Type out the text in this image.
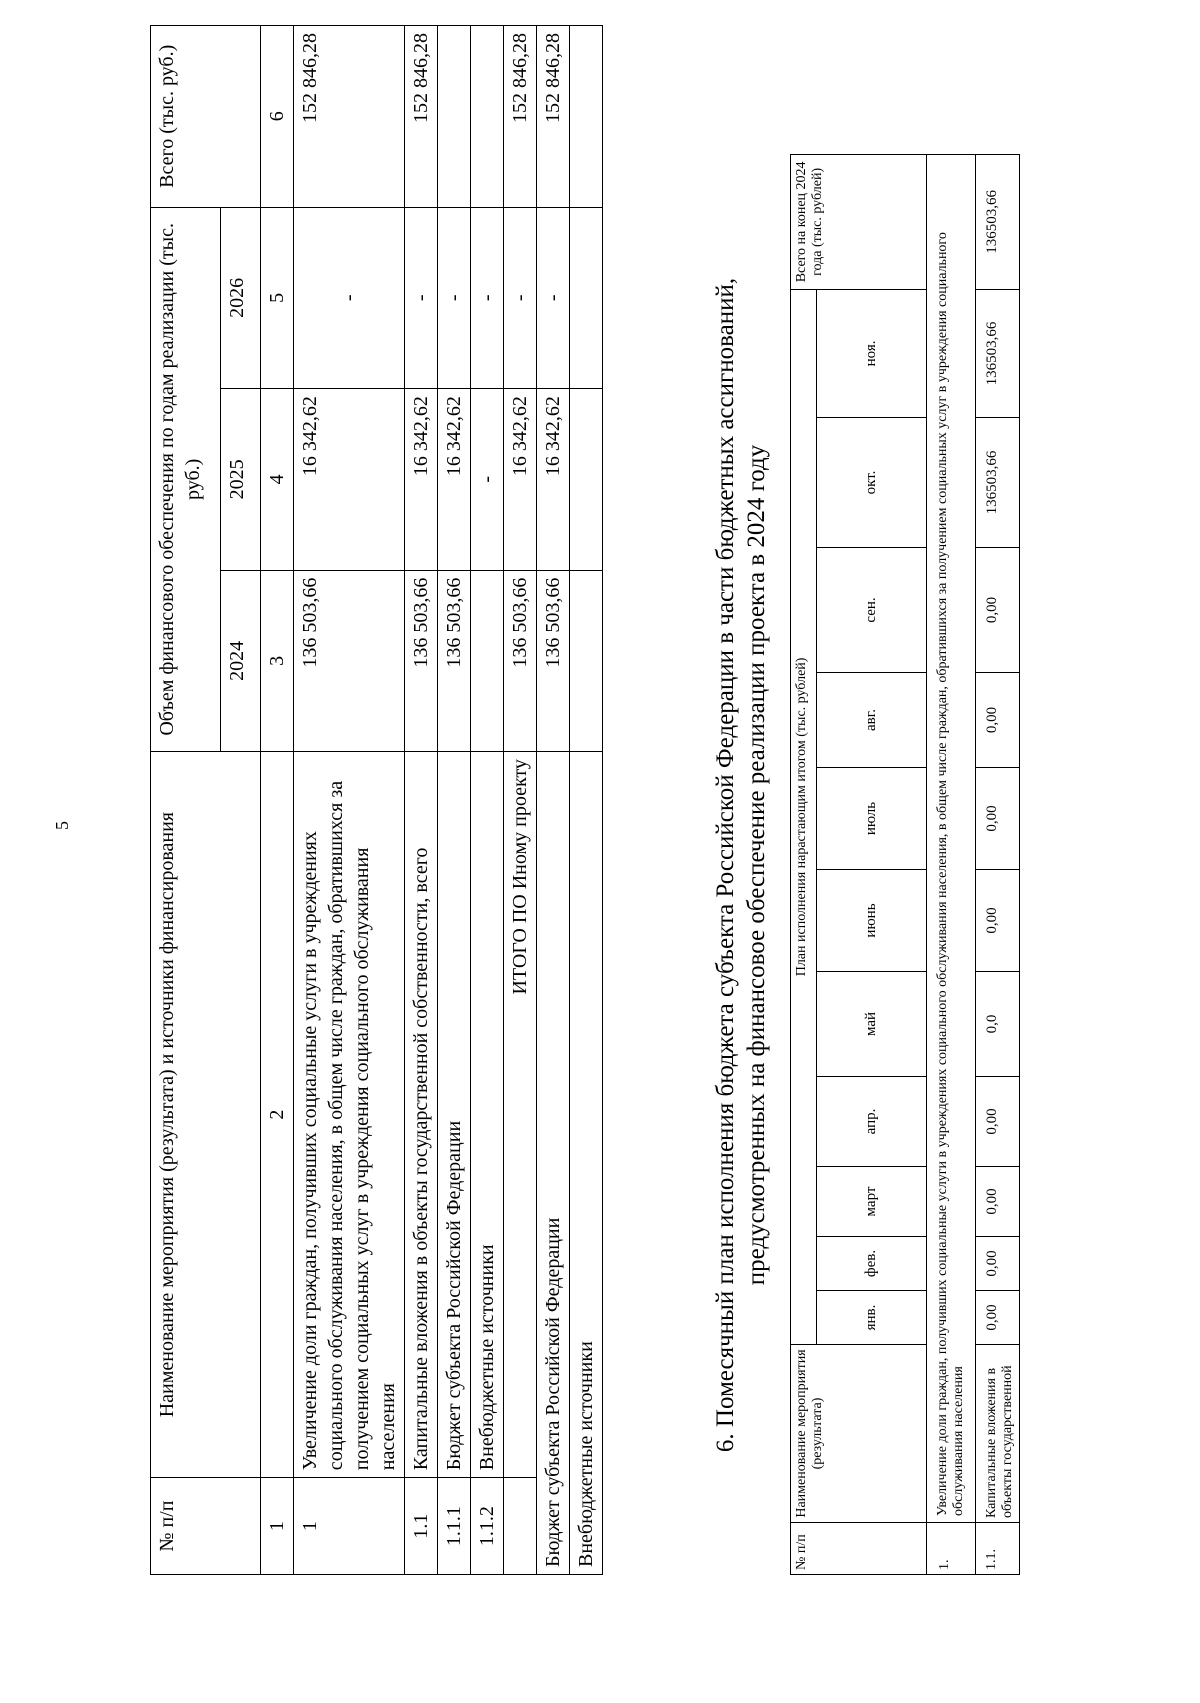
5
№ п/п	Наименование мероприятия (результата) и источники финансирования	Объем финансового обеспечения по годам реализации (тыс. руб.)			Всего (тыс. руб.)
		2024	2025	2026	
1	2	3	4	5	6
1	Увеличение доли граждан, получивших социальные услуги в учреждениях социального обслуживания населения, в общем числе граждан, обратившихся за получением социальных услуг в учреждения социального обслуживания населения	136 503,66	16 342,62	-	152 846,28
1.1	Капитальные вложения в объекты государственной собственности, всего	136 503,66	16 342,62	-	152 846,28
1.1.1	Бюджет субъекта Российской Федерации	136 503,66	16 342,62	-	
1.1.2	Внебюджетные источники		-	-	
	ИТОГО ПО Иному проекту	136 503,66	16 342,62	-	152 846,28
Бюджет субъекта Российской Федерации		136 503,66	16 342,62	-	152 846,28
Внебюджетные источники						6. Помесячный план исполнения бюджета субъекта Российской Федерации в части бюджетных ассигнований, предусмотренных на финансовое обеспечение реализации проекта в 2024 году
№ п/п	Наименование мероприятия (результата)	План исполнения нарастающим итогом (тыс. рублей)											Всего на конец 2024 года (тыс. рублей)
		янв.	фев.	март	апр.	май	июнь	июль	авг.	сен.	окт.	ноя.	
1.	Увеличение доли граждан, получивших социальные услуги в учреждениях социального обслуживания населения, в общем числе граждан, обратившихся за получением социальных услуг в учреждения социального обслуживания населения												
1.1.	Капитальные вложения в объекты государственной	0,00	0,00	0,00	0,00	0,0	0,00	0,00	0,00	0,00	136503,66	136503,66	136503,66
